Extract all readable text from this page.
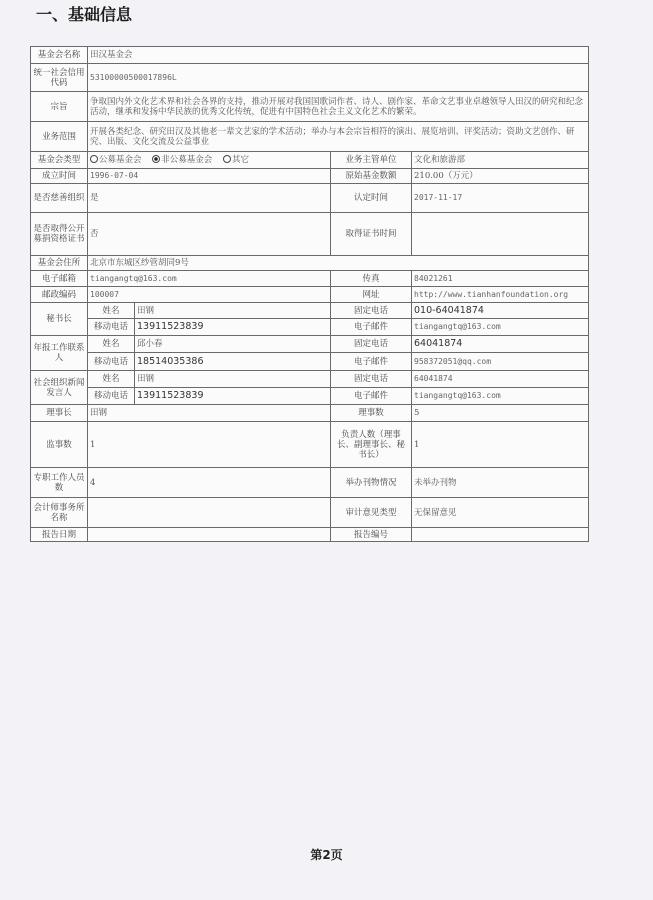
一、基础信息
基金会名称	田汉基金会			
统一社会信用代码	53100000500017896L			
宗旨	争取国内外文化艺术界和社会各界的支持，推动开展对我国国歌词作者、诗人、剧作家、革命文艺事业卓越领导人田汉的研究和纪念活动，继承和发扬中华民族的优秀文化传统，促进有中国特色社会主义文化艺术的繁荣。			
业务范围	开展各类纪念、研究田汉及其他老一辈文艺家的学术活动；举办与本会宗旨相符的演出、展览培训、评奖活动；资助文艺创作、研究、出版、文化交流及公益事业			
基金会类型	公募基金会 非公募基金会 其它		业务主管单位	文化和旅游部
成立时间	1996-07-04		原始基金数额	210.00（万元）
是否慈善组织	是		认定时间	2017-11-17
是否取得公开募捐资格证书	否		取得证书时间	
基金会住所	北京市东城区纱管胡同9号			
电子邮箱	tiangangtq@163.com		传真	84021261
邮政编码	100007		网址	http://www.tianhanfoundation.org
秘书长	姓名	田钢	固定电话	010-64041874
	移动电话	13911523839	电子邮件	tiangangtq@163.com
年报工作联系人	姓名	邱小春	固定电话	64041874
	移动电话	18514035386	电子邮件	958372051@qq.com
社会组织新闻发言人	姓名	田钢	固定电话	64041874
	移动电话	13911523839	电子邮件	tiangangtq@163.com
理事长	田钢		理事数	5
监事数	1		负责人数（理事长、副理事长、秘书长）	1
专职工作人员数	4		举办刊物情况	未举办刊物
会计师事务所名称			审计意见类型	无保留意见
报告日期			报告编号	
第2页
